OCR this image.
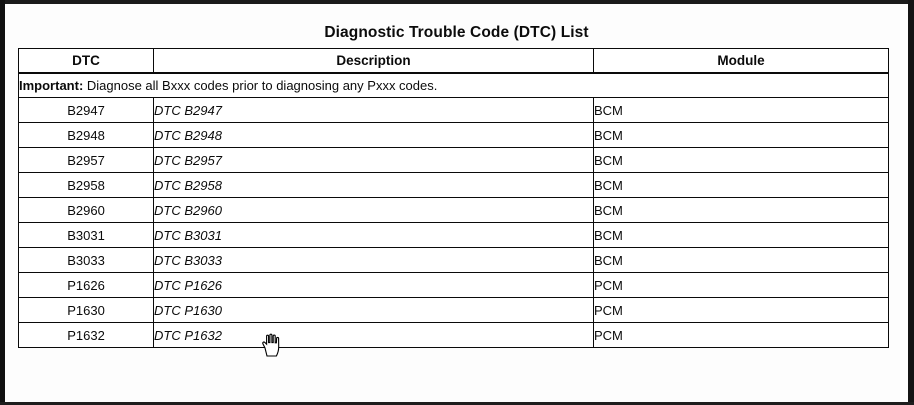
Diagnostic Trouble Code (DTC) List
DTC	Description	Module
Important: Diagnose all Bxxx codes prior to diagnosing any Pxxx codes.		
B2947	DTC B2947	BCM
B2948	DTC B2948	BCM
B2957	DTC B2957	BCM
B2958	DTC B2958	BCM
B2960	DTC B2960	BCM
B3031	DTC B3031	BCM
B3033	DTC B3033	BCM
P1626	DTC P1626	PCM
P1630	DTC P1630	PCM
P1632	DTC P1632	PCM
